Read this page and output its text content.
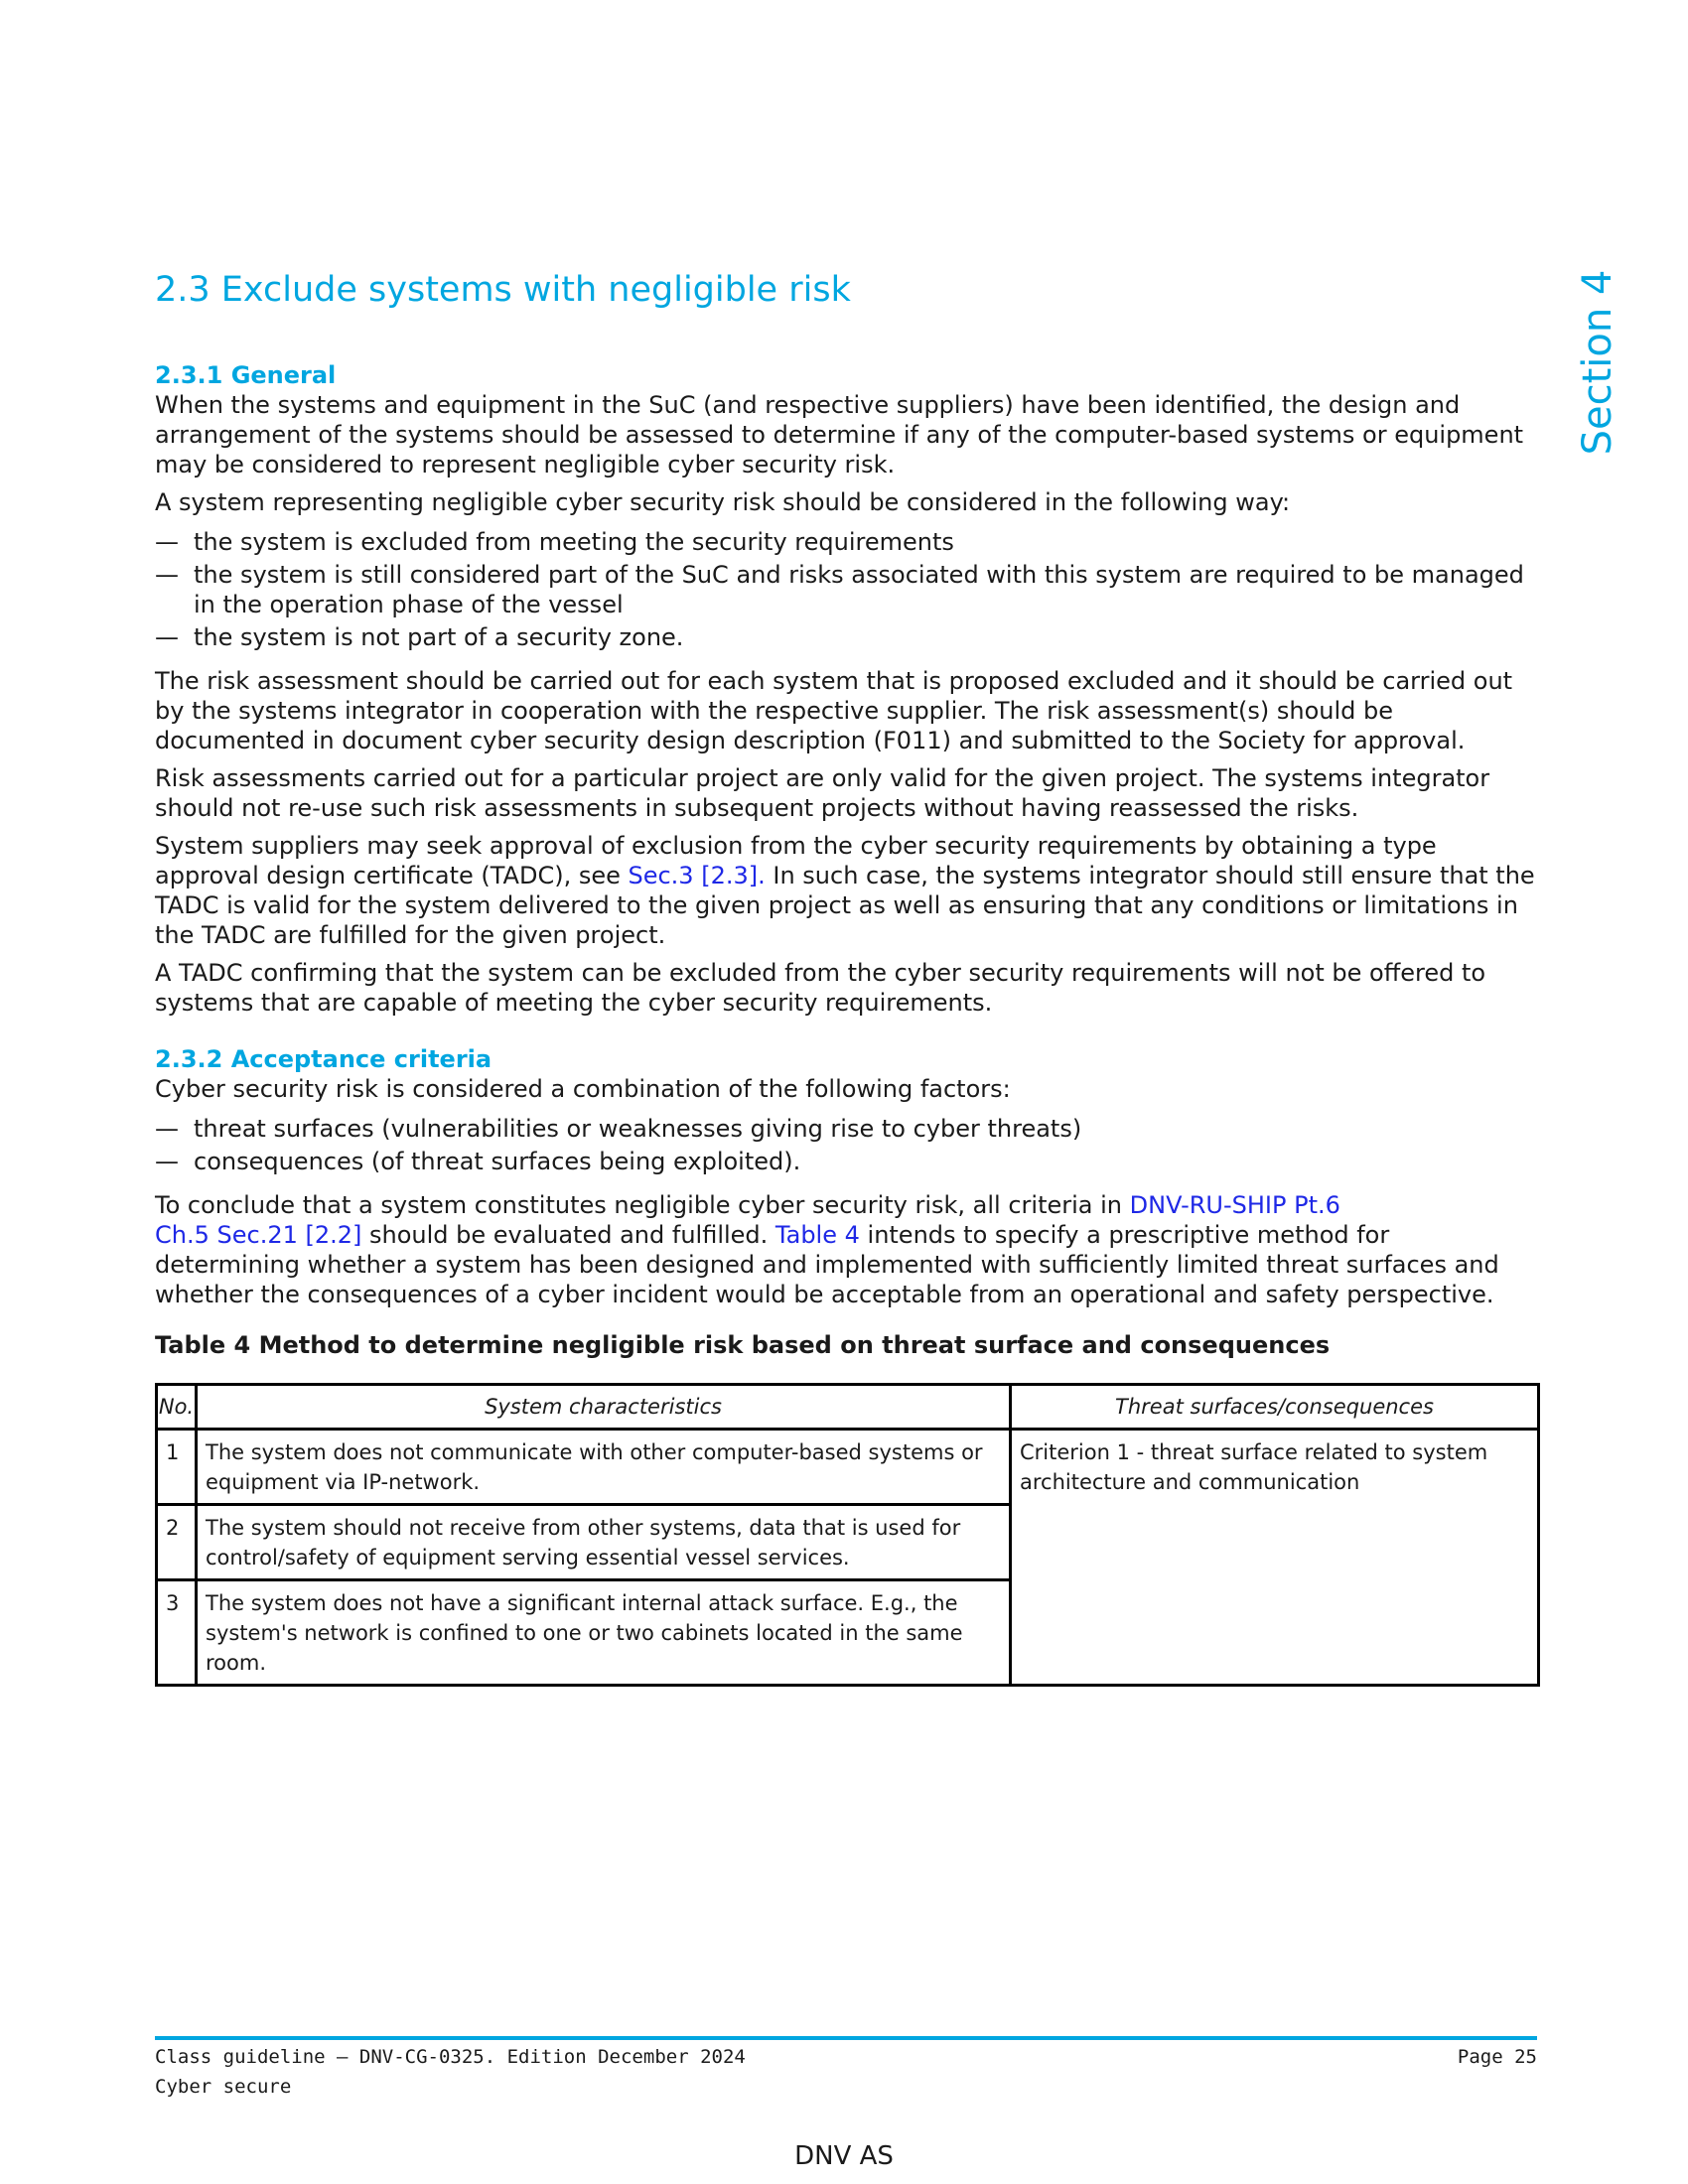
Section 4
2.3 Exclude systems with negligible risk
2.3.1 General

When the systems and equipment in the SuC (and respective suppliers) have been identified, the design and arrangement of the systems should be assessed to determine if any of the computer-based systems or equipment may be considered to represent negligible cyber security risk.

A system representing negligible cyber security risk should be considered in the following way:

— the system is excluded from meeting the security requirements
— the system is still considered part of the SuC and risks associated with this system are required to be managed in the operation phase of the vessel
— the system is not part of a security zone.

The risk assessment should be carried out for each system that is proposed excluded and it should be carried out by the systems integrator in cooperation with the respective supplier. The risk assessment(s) should be documented in document cyber security design description (F011) and submitted to the Society for approval.

Risk assessments carried out for a particular project are only valid for the given project. The systems integrator should not re-use such risk assessments in subsequent projects without having reassessed the risks.

System suppliers may seek approval of exclusion from the cyber security requirements by obtaining a type approval design certificate (TADC), see Sec.3 [2.3]. In such case, the systems integrator should still ensure that the TADC is valid for the system delivered to the given project as well as ensuring that any conditions or limitations in the TADC are fulfilled for the given project.

A TADC confirming that the system can be excluded from the cyber security requirements will not be offered to systems that are capable of meeting the cyber security requirements.

2.3.2 Acceptance criteria

Cyber security risk is considered a combination of the following factors:

— threat surfaces (vulnerabilities or weaknesses giving rise to cyber threats)
— consequences (of threat surfaces being exploited).

To conclude that a system constitutes negligible cyber security risk, all criteria in DNV-RU-SHIP Pt.6
Ch.5 Sec.21 [2.2] should be evaluated and fulfilled. Table 4 intends to specify a prescriptive method for determining whether a system has been designed and implemented with sufficiently limited threat surfaces and whether the consequences of a cyber incident would be acceptable from an operational and safety perspective.

Table 4 Method to determine negligible risk based on threat surface and consequences
No.	System characteristics	Threat surfaces/consequences
1	The system does not communicate with other computer-based systems or equipment via IP-network.	Criterion 1 - threat surface related to system architecture and communication
2	The system should not receive from other systems, data that is used for control/safety of equipment serving essential vessel services.	
3	The system does not have a significant internal attack surface. E.g., the system's network is confined to one or two cabinets located in the same room.	
Class guideline — DNV-CG-0325. Edition December 2024
Cyber secure
Page 25
DNV AS
